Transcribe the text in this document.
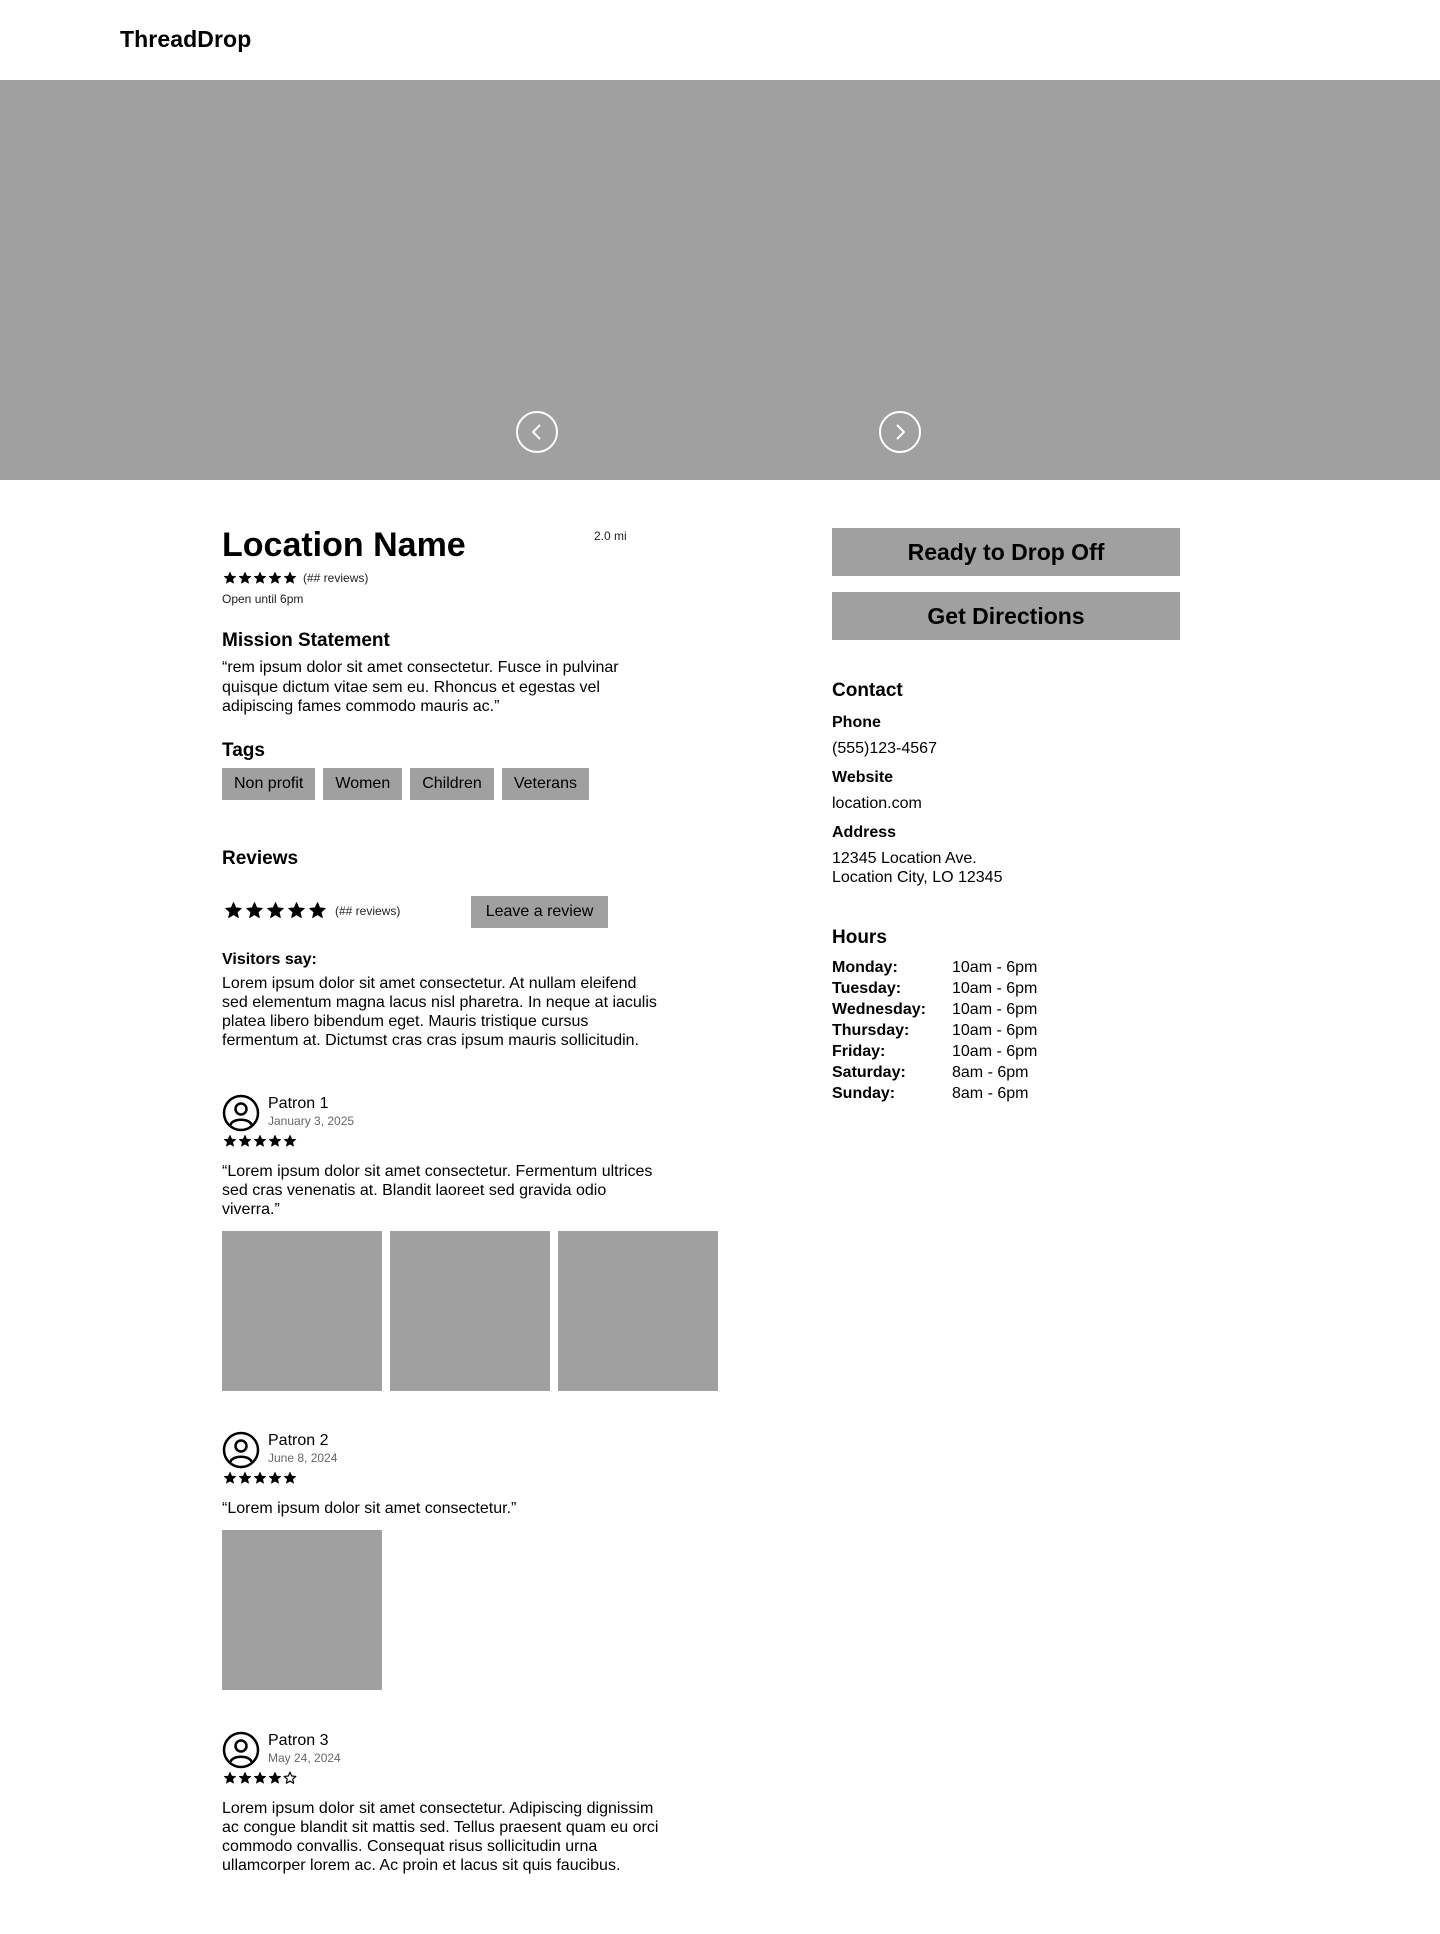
ThreadDrop
Location Name	2.0 mi
(## reviews)
Open until 6pm
Mission Statement
“rem ipsum dolor sit amet consectetur. Fusce in pulvinar quisque dictum vitae sem eu. Rhoncus et egestas vel adipiscing fames commodo mauris ac.”
Tags
Non profit	Women	Children	Veterans
Reviews
(## reviews)	Leave a review
Visitors say:
Lorem ipsum dolor sit amet consectetur. At nullam eleifend sed elementum magna lacus nisl pharetra. In neque at iaculis platea libero bibendum eget. Mauris tristique cursus fermentum at. Dictumst cras cras ipsum mauris sollicitudin.
Patron 1
January 3, 2025
“Lorem ipsum dolor sit amet consectetur. Fermentum ultrices sed cras venenatis at. Blandit laoreet sed gravida odio viverra.”
Patron 2
June 8, 2024
“Lorem ipsum dolor sit amet consectetur.”
Patron 3
May 24, 2024
Lorem ipsum dolor sit amet consectetur. Adipiscing dignissim ac congue blandit sit mattis sed. Tellus praesent quam eu orci commodo convallis. Consequat risus sollicitudin urna ullamcorper lorem ac. Ac proin et lacus sit quis faucibus.
Ready to Drop Off
Get Directions
Contact
Phone
(555)123-4567
Website
location.com
Address
12345 Location Ave.
Location City, LO 12345
Hours
Monday:	10am - 6pm
Tuesday:	10am - 6pm
Wednesday:	10am - 6pm
Thursday:	10am - 6pm
Friday:	10am - 6pm
Saturday:	8am - 6pm
Sunday:	8am - 6pm
